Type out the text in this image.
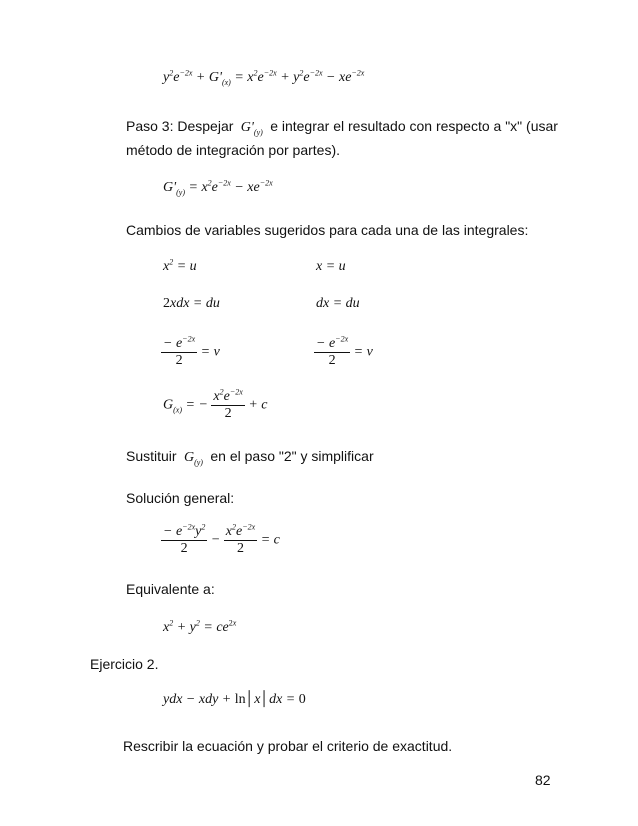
$y^2e^{-2x} + G'_{(x)} = x^2e^{-2x} + y^2e^{-2x} - xe^{-2x}$
Paso 3: Despejar  $G'_{(y)}$ e integrar el resultado con respecto a "x" (usar
método de integración por partes).
$G'_{(y)} = x^2e^{-2x} - xe^{-2x}$
Cambios de variables sugeridos para cada una de las integrales:
$x^2 = u$
2xdx = du
$\frac{- e^{-2x}}{2} = v$
x = u
dx = du
$\frac{- e^{-2x}}{2} = v$
$G_{(x)}$ = − $\frac{x^2e^{-2x}}{2} + c$
Sustituir  $G_{(y)}$ en el paso "2" y simplificar
Solución general:
$\frac{- e^{-2x}y^2}{2} - \frac{x^2e^{-2x}}{2} = c$
Equivalente a:
$x^2 + y^2 = ce^{2x}$
Ejercicio 2.
ydx − xdy + ln│x│dx = 0
Rescribir la ecuación y probar el criterio de exactitud.
82
